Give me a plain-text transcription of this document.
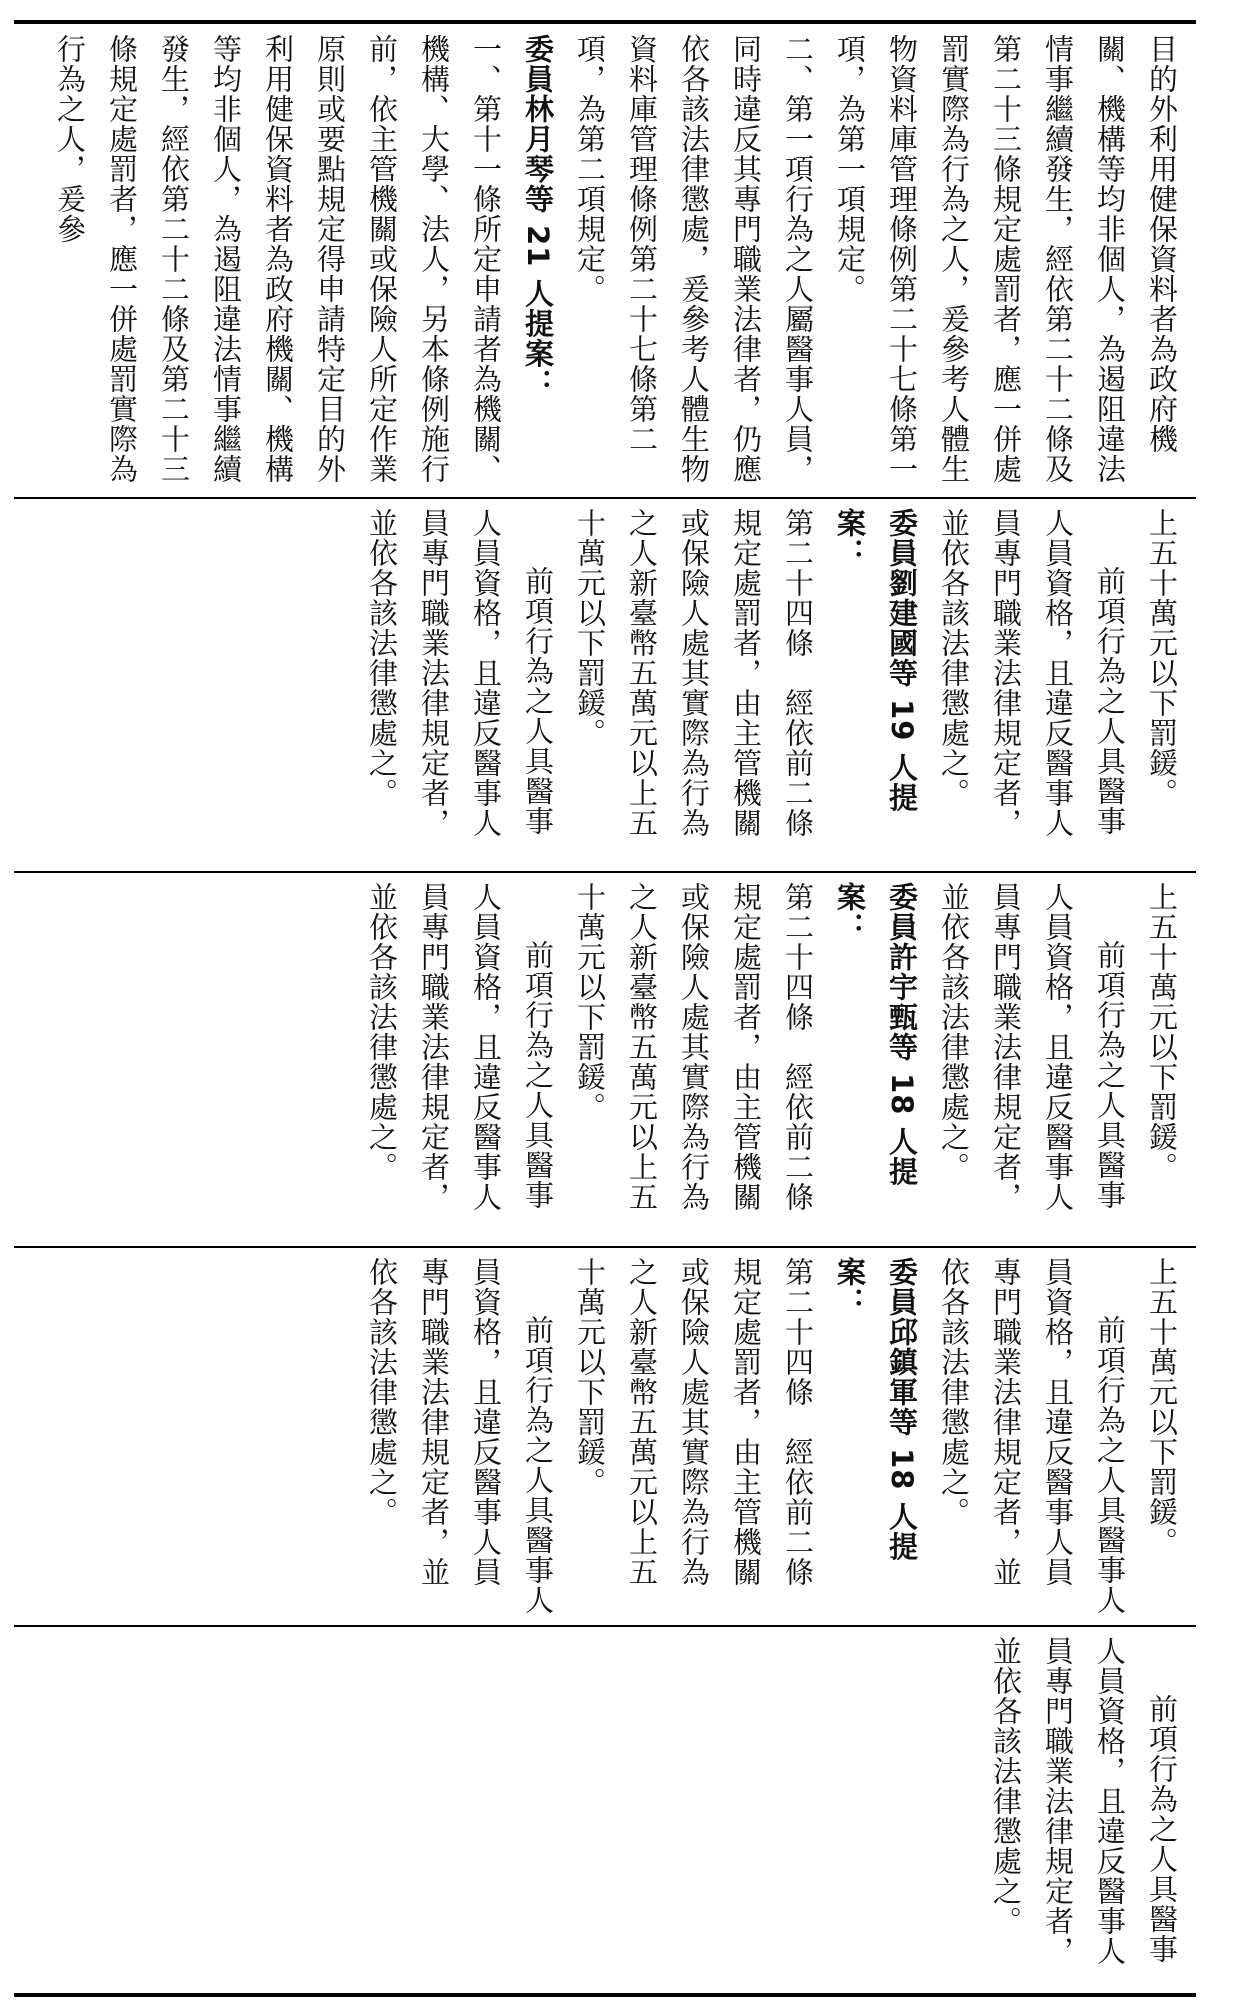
目的外利用健保資料者為政府機關、機構等均非個人，為遏阻違法情事繼續發生，經依第二十二條及第二十三條規定處罰者，應一併處罰實際為行為之人，爰參考人體生物資料庫管理條例第二十七條第一項，為第一項規定。

二、第一項行為之人屬醫事人員，同時違反其專門職業法律者，仍應依各該法律懲處，爰參考人體生物資料庫管理條例第二十七條第二項，為第二項規定。

委員林月琴等 21 人提案：

一、第十一條所定申請者為機關、機構、大學、法人，另本條例施行前，依主管機關或保險人所定作業原則或要點規定得申請特定目的外利用健保資料者為政府機關、機構等均非個人，為遏阻違法情事繼續發生，經依第二十二條及第二十三條規定處罰者，應一併處罰實際為行為之人，爰參

上五十萬元以下罰鍰。

前項行為之人具醫事人員資格，且違反醫事人員專門職業法律規定者，並依各該法律懲處之。

委員劉建國等 19 人提案：

第二十四條　經依前二條規定處罰者，由主管機關或保險人處其實際為行為之人新臺幣五萬元以上五十萬元以下罰鍰。

前項行為之人具醫事人員資格，且違反醫事人員專門職業法律規定者，並依各該法律懲處之。

上五十萬元以下罰鍰。

前項行為之人具醫事人員資格，且違反醫事人員專門職業法律規定者，並依各該法律懲處之。

委員許宇甄等 18 人提案：

第二十四條　經依前二條規定處罰者，由主管機關或保險人處其實際為行為之人新臺幣五萬元以上五十萬元以下罰鍰。

前項行為之人具醫事人員資格，且違反醫事人員專門職業法律規定者，並依各該法律懲處之。

上五十萬元以下罰鍰。

前項行為之人具醫事人員資格，且違反醫事人員專門職業法律規定者，並依各該法律懲處之。

委員邱鎮軍等 18 人提案：

第二十四條　經依前二條規定處罰者，由主管機關或保險人處其實際為行為之人新臺幣五萬元以上五十萬元以下罰鍰。

前項行為之人具醫事人員資格，且違反醫事人員專門職業法律規定者，並依各該法律懲處之。

前項行為之人具醫事人員資格，且違反醫事人員專門職業法律規定者，並依各該法律懲處之。
